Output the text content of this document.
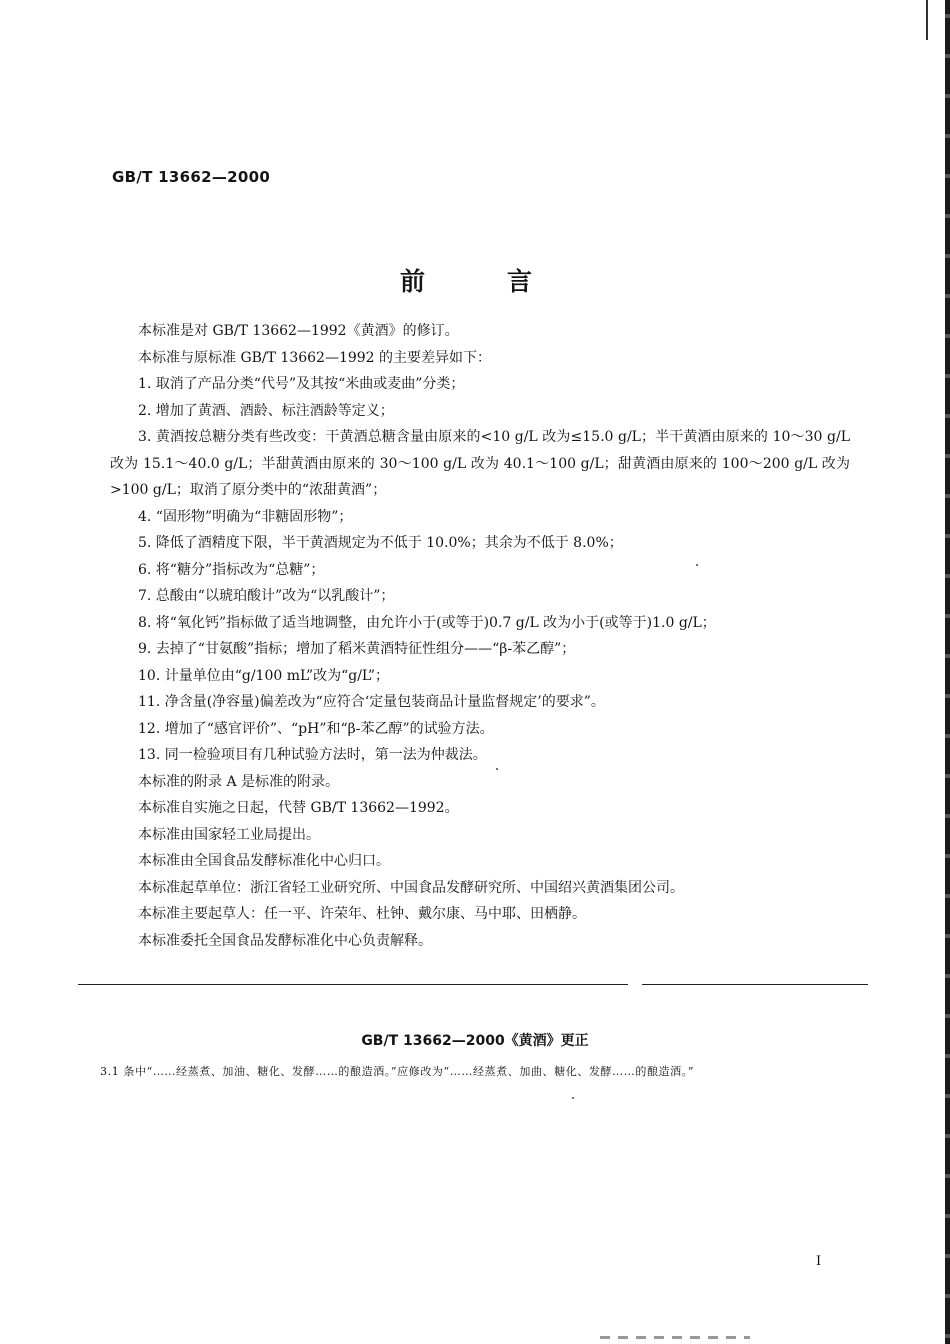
GB/T 13662—2000
前言

本标准是对 GB/T 13662—1992《黄酒》的修订。

本标准与原标准 GB/T 13662—1992 的主要差异如下：

1. 取消了产品分类“代号”及其按“米曲或麦曲”分类；

2. 增加了黄酒、酒龄、标注酒龄等定义；

3. 黄酒按总糖分类有些改变：干黄酒总糖含量由原来的<10 g/L 改为≤15.0 g/L；半干黄酒由原来的 10～30 g/L 改为 15.1～40.0 g/L；半甜黄酒由原来的 30～100 g/L 改为 40.1～100 g/L；甜黄酒由原来的 100～200 g/L 改为>100 g/L；取消了原分类中的“浓甜黄酒”；

4. “固形物”明确为“非糖固形物”；

5. 降低了酒精度下限，半干黄酒规定为不低于 10.0%；其余为不低于 8.0%；

6. 将“糖分”指标改为“总糖”；

7. 总酸由“以琥珀酸计”改为“以乳酸计”；

8. 将“氧化钙”指标做了适当地调整，由允许小于(或等于)0.7 g/L 改为小于(或等于)1.0 g/L；

9. 去掉了“甘氨酸”指标；增加了稻米黄酒特征性组分——“β-苯乙醇”；

10. 计量单位由“g/100 mL”改为“g/L”；

11. 净含量(净容量)偏差改为“应符合‘定量包装商品计量监督规定’的要求”。

12. 增加了“感官评价”、“pH”和“β-苯乙醇”的试验方法。

13. 同一检验项目有几种试验方法时，第一法为仲裁法。

本标准的附录 A 是标准的附录。

本标准自实施之日起，代替 GB/T 13662—1992。

本标准由国家轻工业局提出。

本标准由全国食品发酵标准化中心归口。

本标准起草单位：浙江省轻工业研究所、中国食品发酵研究所、中国绍兴黄酒集团公司。

本标准主要起草人：任一平、许荣年、杜钟、戴尔康、马中耶、田栖静。

本标准委托全国食品发酵标准化中心负责解释。

GB/T 13662—2000《黄酒》更正
3.1 条中“……经蒸煮、加油、糖化、发酵……的酿造酒。”应修改为“……经蒸煮、加曲、糖化、发酵……的酿造酒。”
I
